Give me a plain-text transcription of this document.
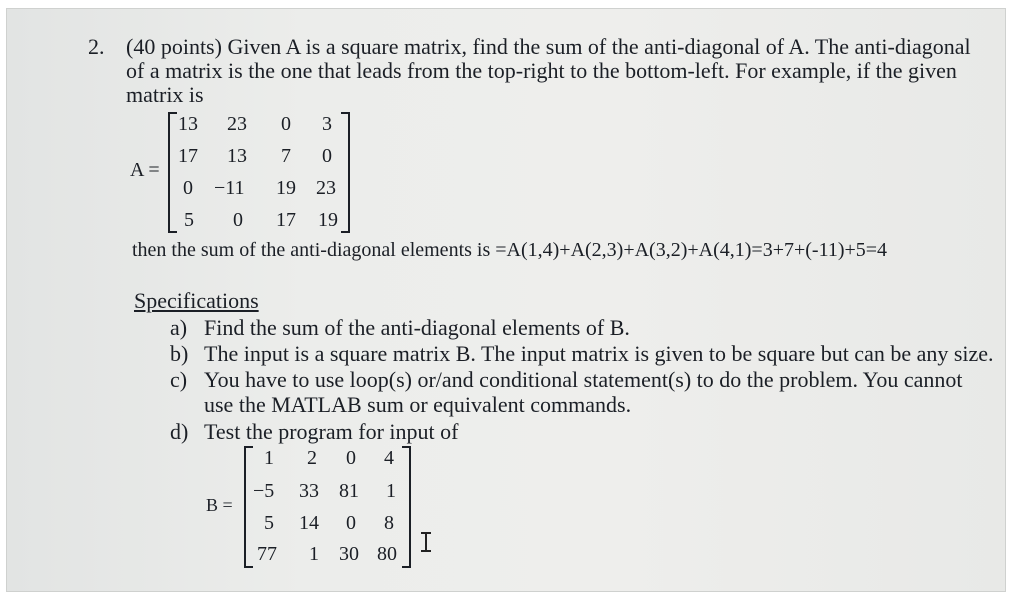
2. (40 points) Given A is a square matrix, find the sum of the anti-diagonal of A. The anti-diagonal
of a matrix is the one that leads from the top-right to the bottom-left. For example, if the given
matrix is
A =
13 23 0 3
17 13 7 0
0 −11 19 23
5 0 17 19
then the sum of the anti-diagonal elements is =A(1,4)+A(2,3)+A(3,2)+A(4,1)=3+7+(-11)+5=4
Specifications
a) Find the sum of the anti-diagonal elements of B.
b) The input is a square matrix B. The input matrix is given to be square but can be any size.
c) You have to use loop(s) or/and conditional statement(s) to do the problem. You cannot
use the MATLAB sum or equivalent commands.
d) Test the program for input of
B =
1 2 0 4
−5 33 81 1
5 14 0 8
77 1 30 80
